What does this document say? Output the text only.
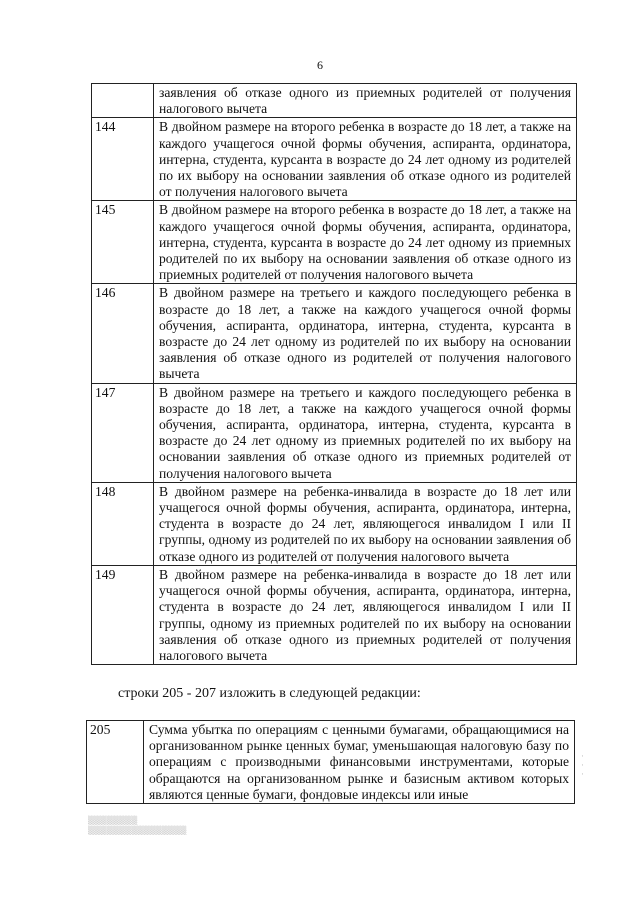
6
	заявления об отказе одного из приемных родителей от получения налогового вычета
144	В двойном размере на второго ребенка в возрасте до 18 лет, а также на каждого учащегося очной формы обучения, аспиранта, ординатора, интерна, студента, курсанта в возрасте до 24 лет одному из родителей по их выбору на основании заявления об отказе одного из родителей от получения налогового вычета
145	В двойном размере на второго ребенка в возрасте до 18 лет, а также на каждого учащегося очной формы обучения, аспиранта, ординатора, интерна, студента, курсанта в возрасте до 24 лет одному из приемных родителей по их выбору на основании заявления об отказе одного из приемных родителей от получения налогового вычета
146	В двойном размере на третьего и каждого последующего ребенка в возрасте до 18 лет, а также на каждого учащегося очной формы обучения, аспиранта, ординатора, интерна, студента, курсанта в возрасте до 24 лет одному из родителей по их выбору на основании заявления об отказе одного из родителей от получения налогового вычета
147	В двойном размере на третьего и каждого последующего ребенка в возрасте до 18 лет, а также на каждого учащегося очной формы обучения, аспиранта, ординатора, интерна, студента, курсанта в возрасте до 24 лет одному из приемных родителей по их выбору на основании заявления об отказе одного из приемных родителей от получения налогового вычета
148	В двойном размере на ребенка-инвалида в возрасте до 18 лет или учащегося очной формы обучения, аспиранта, ординатора, интерна, студента в возрасте до 24 лет, являющегося инвалидом I или II группы, одному из родителей по их выбору на основании заявления об отказе одного из родителей от получения налогового вычета
149	В двойном размере на ребенка-инвалида в возрасте до 18 лет или учащегося очной формы обучения, аспиранта, ординатора, интерна, студента в возрасте до 24 лет, являющегося инвалидом I или II группы, одному из приемных родителей по их выбору на основании заявления об отказе одного из приемных родителей от получения налогового вычета
строки 205 - 207 изложить в следующей редакции:
205	Сумма убытка по операциям с ценными бумагами, обращающимися на организованном рынке ценных бумаг, уменьшающая налоговую базу по операциям с производными финансовыми инструментами, которые обращаются на организованном рынке и базисным активом которых являются ценные бумаги, фондовые индексы или иные
·
·
·
▒▒▒▒▒▒▒▒
▒▒▒▒▒▒▒▒▒▒▒▒▒▒▒▒
